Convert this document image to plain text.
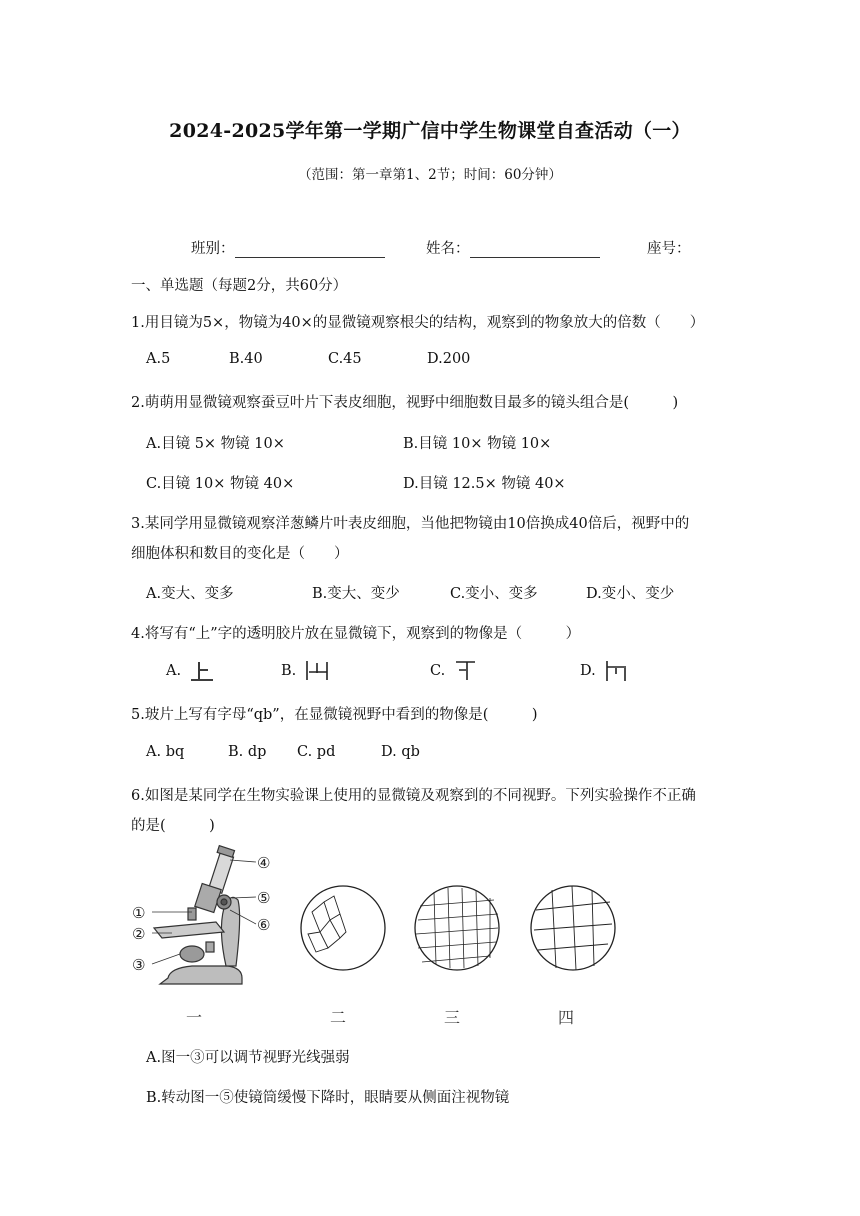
2024-2025学年第一学期广信中学生物课堂自查活动（一）
（范围：第一章第1、2节；时间：60分钟）
班别：	姓名：	座号：
一、单选题（每题2分，共60分）
1.用目镜为5×，物镜为40×的显微镜观察根尖的结构，观察到的物象放大的倍数（　　）
A.5	B.40	C.45	D.200
2.萌萌用显微镜观察蚕豆叶片下表皮细胞，视野中细胞数目最多的镜头组合是(　　　)
A.目镜 5× 物镜 10×	B.目镜 10× 物镜 10×
C.目镜 10× 物镜 40×	D.目镜 12.5× 物镜 40×
3.某同学用显微镜观察洋葱鳞片叶表皮细胞，当他把物镜由10倍换成40倍后，视野中的
细胞体积和数目的变化是（　　）
A.变大、变多	B.变大、变少	C.变小、变多	D.变小、变少
4.将写有“上”字的透明胶片放在显微镜下，观察到的物像是（　　　）
A.	B.	C.	D.
5.玻片上写有字母“qb”，在显微镜视野中看到的物像是(　　　)
A. bq	B. dp C. pd	D. qb
6.如图是某同学在生物实验课上使用的显微镜及观察到的不同视野。下列实验操作不正确
的是(　　　)
①
②
③
④
⑤
⑥
一	二	三	四
A.图一③可以调节视野光线强弱
B.转动图一⑤使镜筒缓慢下降时，眼睛要从侧面注视物镜
